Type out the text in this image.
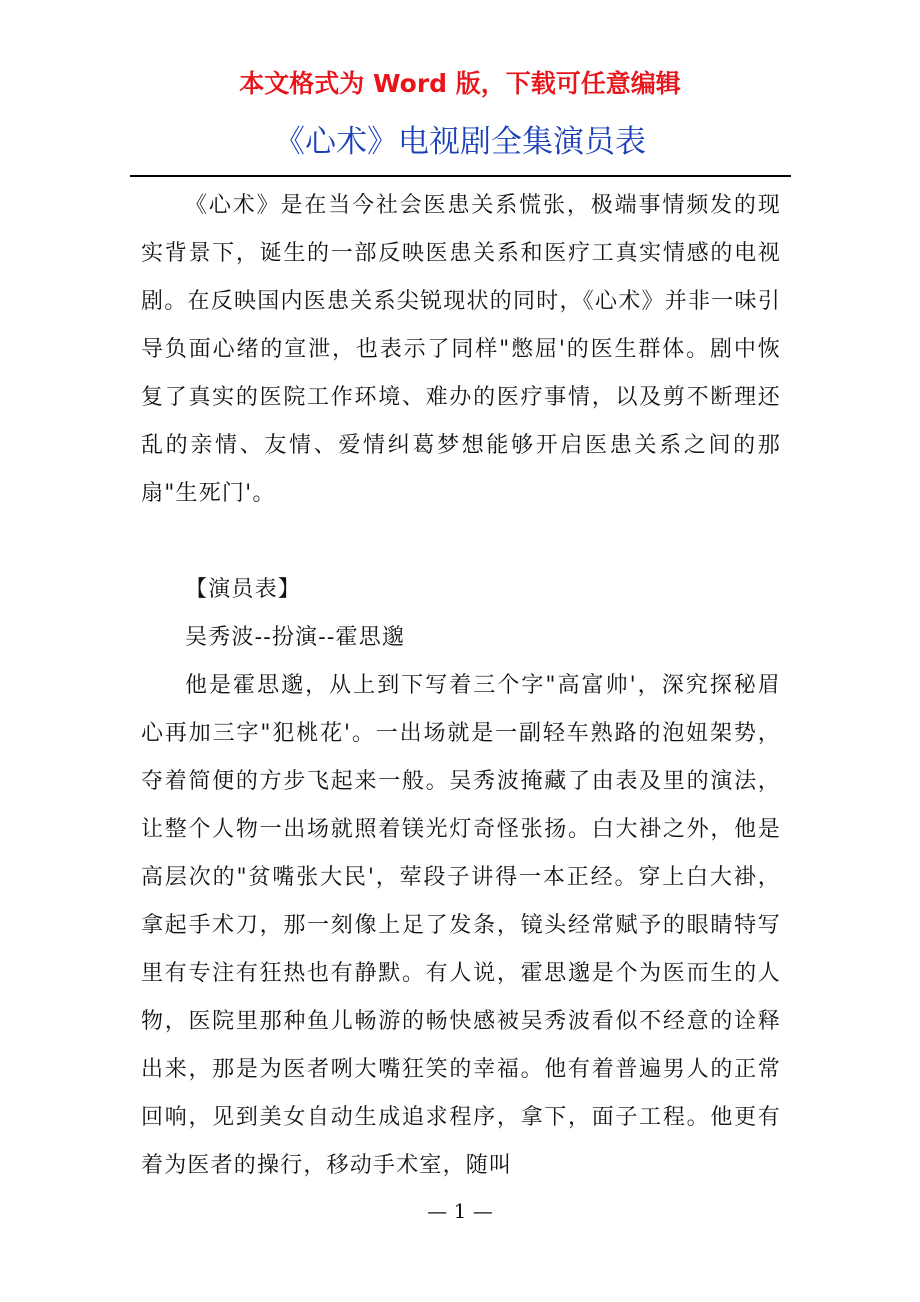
本文格式为 Word 版，下载可任意编辑
《心术》电视剧全集演员表

《心术》是在当今社会医患关系慌张，极端事情频发的现实背景下，诞生的一部反映医患关系和医疗工真实情感的电视剧。在反映国内医患关系尖锐现状的同时，《心术》并非一味引导负面心绪的宣泄，也表示了同样"憋屈'的医生群体。剧中恢复了真实的医院工作环境、难办的医疗事情，以及剪不断理还乱的亲情、友情、爱情纠葛梦想能够开启医患关系之间的那扇"生死门'。

【演员表】

吴秀波--扮演--霍思邈

他是霍思邈，从上到下写着三个字"高富帅'，深究探秘眉心再加三字"犯桃花'。一出场就是一副轻车熟路的泡妞架势，夺着简便的方步飞起来一般。吴秀波掩藏了由表及里的演法，让整个人物一出场就照着镁光灯奇怪张扬。白大褂之外，他是高层次的"贫嘴张大民'，荤段子讲得一本正经。穿上白大褂，拿起手术刀，那一刻像上足了发条，镜头经常赋予的眼睛特写里有专注有狂热也有静默。有人说，霍思邈是个为医而生的人物，医院里那种鱼儿畅游的畅快感被吴秀波看似不经意的诠释出来，那是为医者咧大嘴狂笑的幸福。他有着普遍男人的正常回响，见到美女自动生成追求程序，拿下，面子工程。他更有着为医者的操行，移动手术室，随叫

— 1 —
